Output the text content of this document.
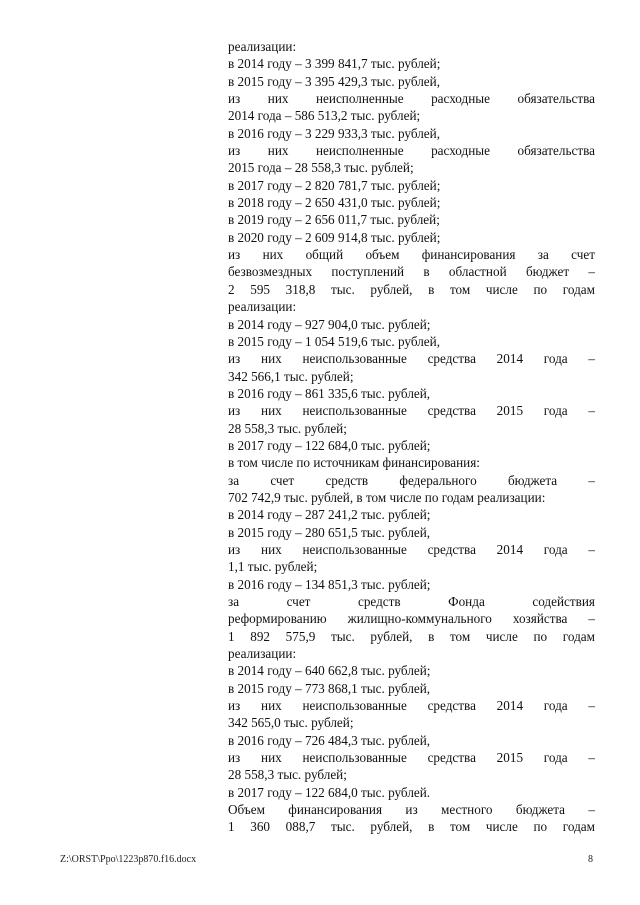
реализации:
в 2014 году – 3 399 841,7 тыс. рублей;
в 2015 году – 3 395 429,3 тыс. рублей,
из них неисполненные расходные обязательства
2014 года – 586 513,2 тыс. рублей;
в 2016 году – 3 229 933,3 тыс. рублей,
из них неисполненные расходные обязательства
2015 года – 28 558,3 тыс. рублей;
в 2017 году – 2 820 781,7 тыс. рублей;
в 2018 году – 2 650 431,0 тыс. рублей;
в 2019 году – 2 656 011,7 тыс. рублей;
в 2020 году – 2 609 914,8 тыс. рублей;
из них общий объем финансирования за счет
безвозмездных поступлений в областной бюджет –
2 595 318,8 тыс. рублей, в том числе по годам
реализации:
в 2014 году – 927 904,0 тыс. рублей;
в 2015 году – 1 054 519,6 тыс. рублей,
из них неиспользованные средства 2014 года –
342 566,1 тыс. рублей;
в 2016 году – 861 335,6 тыс. рублей,
из них неиспользованные средства 2015 года –
28 558,3 тыс. рублей;
в 2017 году – 122 684,0 тыс. рублей;
в том числе по источникам финансирования:
за счет средств федерального бюджета –
702 742,9 тыс. рублей, в том числе по годам реализации:
в 2014 году – 287 241,2 тыс. рублей;
в 2015 году – 280 651,5 тыс. рублей,
из них неиспользованные средства 2014 года –
1,1 тыс. рублей;
в 2016 году – 134 851,3 тыс. рублей;
за счет средств Фонда содействия
реформированию жилищно-коммунального хозяйства –
1 892 575,9 тыс. рублей, в том числе по годам
реализации:
в 2014 году – 640 662,8 тыс. рублей;
в 2015 году – 773 868,1 тыс. рублей,
из них неиспользованные средства 2014 года –
342 565,0 тыс. рублей;
в 2016 году – 726 484,3 тыс. рублей,
из них неиспользованные средства 2015 года –
28 558,3 тыс. рублей;
в 2017 году – 122 684,0 тыс. рублей.
Объем финансирования из местного бюджета –
1 360 088,7 тыс. рублей, в том числе по годам
Z:\ORST\Ppo\1223p870.f16.docx	8
